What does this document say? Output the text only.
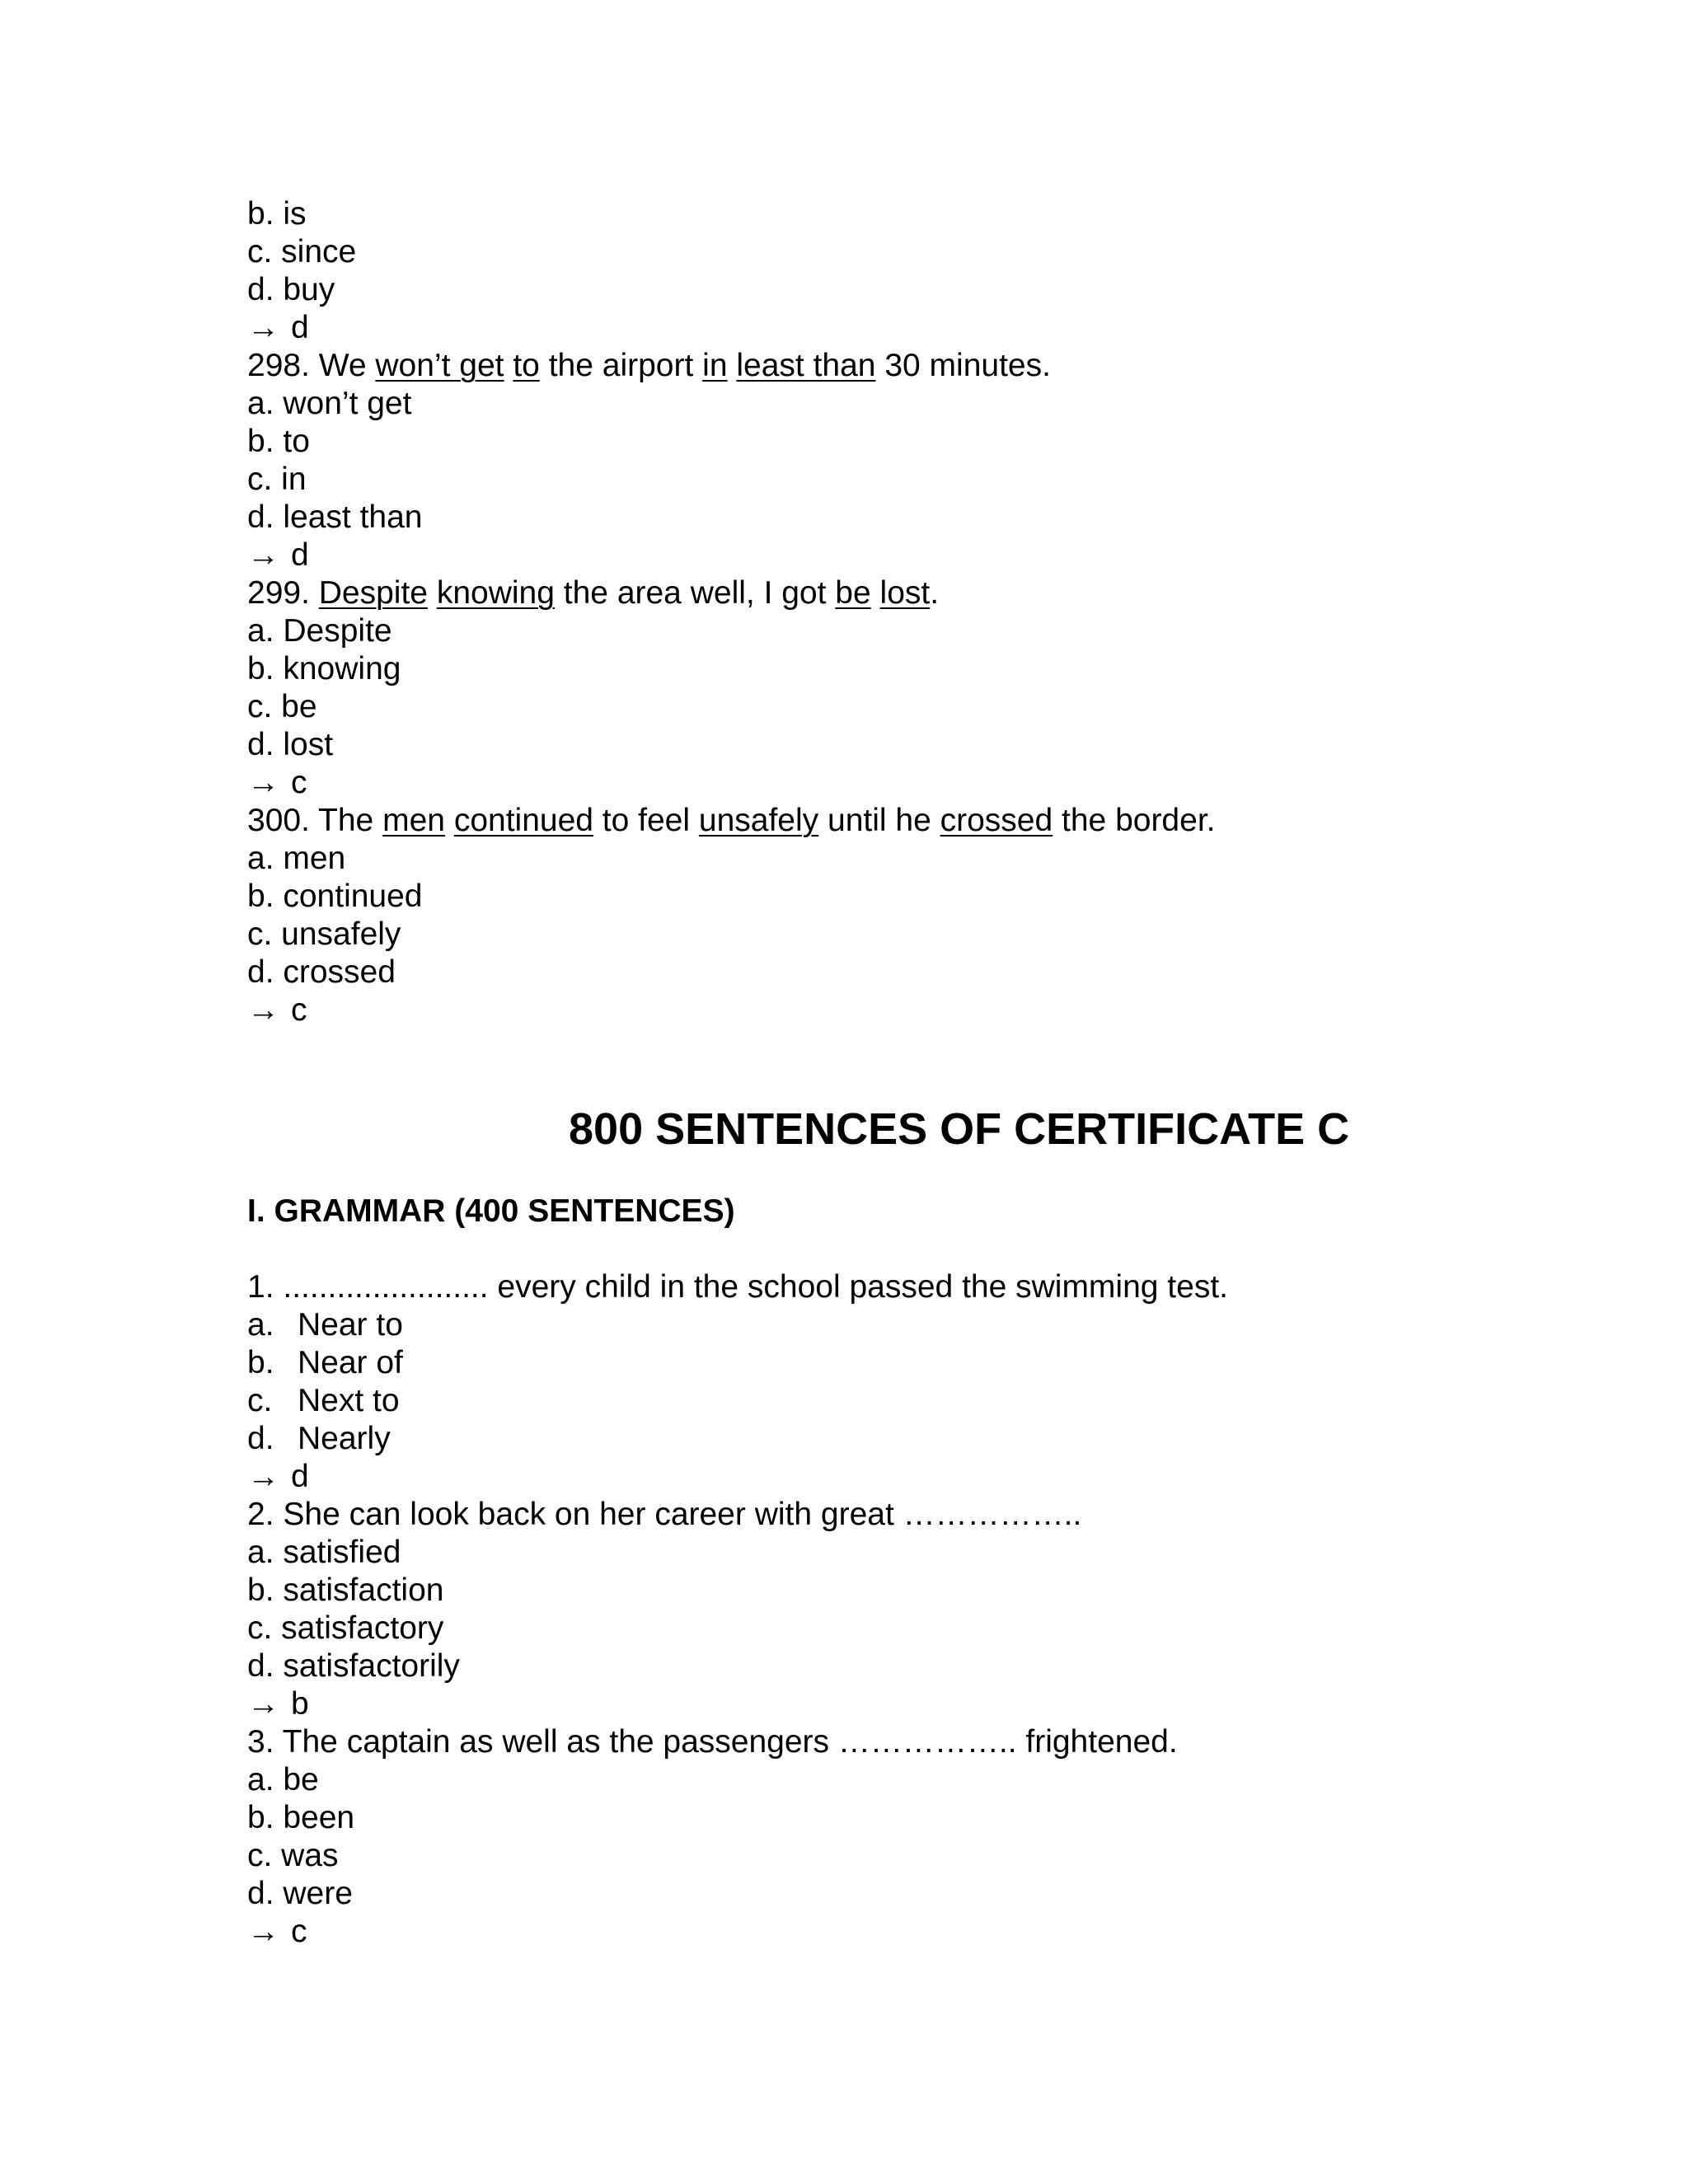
b. is
c. since
d. buy
→ d
298. We won’t get to the airport in least than 30 minutes.
a. won’t get
b. to
c. in
d. least than
→ d
299. Despite knowing the area well, I got be lost.
a. Despite
b. knowing
c. be
d. lost
→ c
300. The men continued to feel unsafely until he crossed the border.
a. men
b. continued
c. unsafely
d. crossed
→ c
800 SENTENCES OF CERTIFICATE C
I. GRAMMAR (400 SENTENCES)
1. ....................... every child in the school passed the swimming test.
a. Near to
b. Near of
c. Next to
d. Nearly
→ d
2. She can look back on her career with great ……………..
a. satisfied
b. satisfaction
c. satisfactory
d. satisfactorily
→ b
3. The captain as well as the passengers …………….. frightened.
a. be
b. been
c. was
d. were
→ c
